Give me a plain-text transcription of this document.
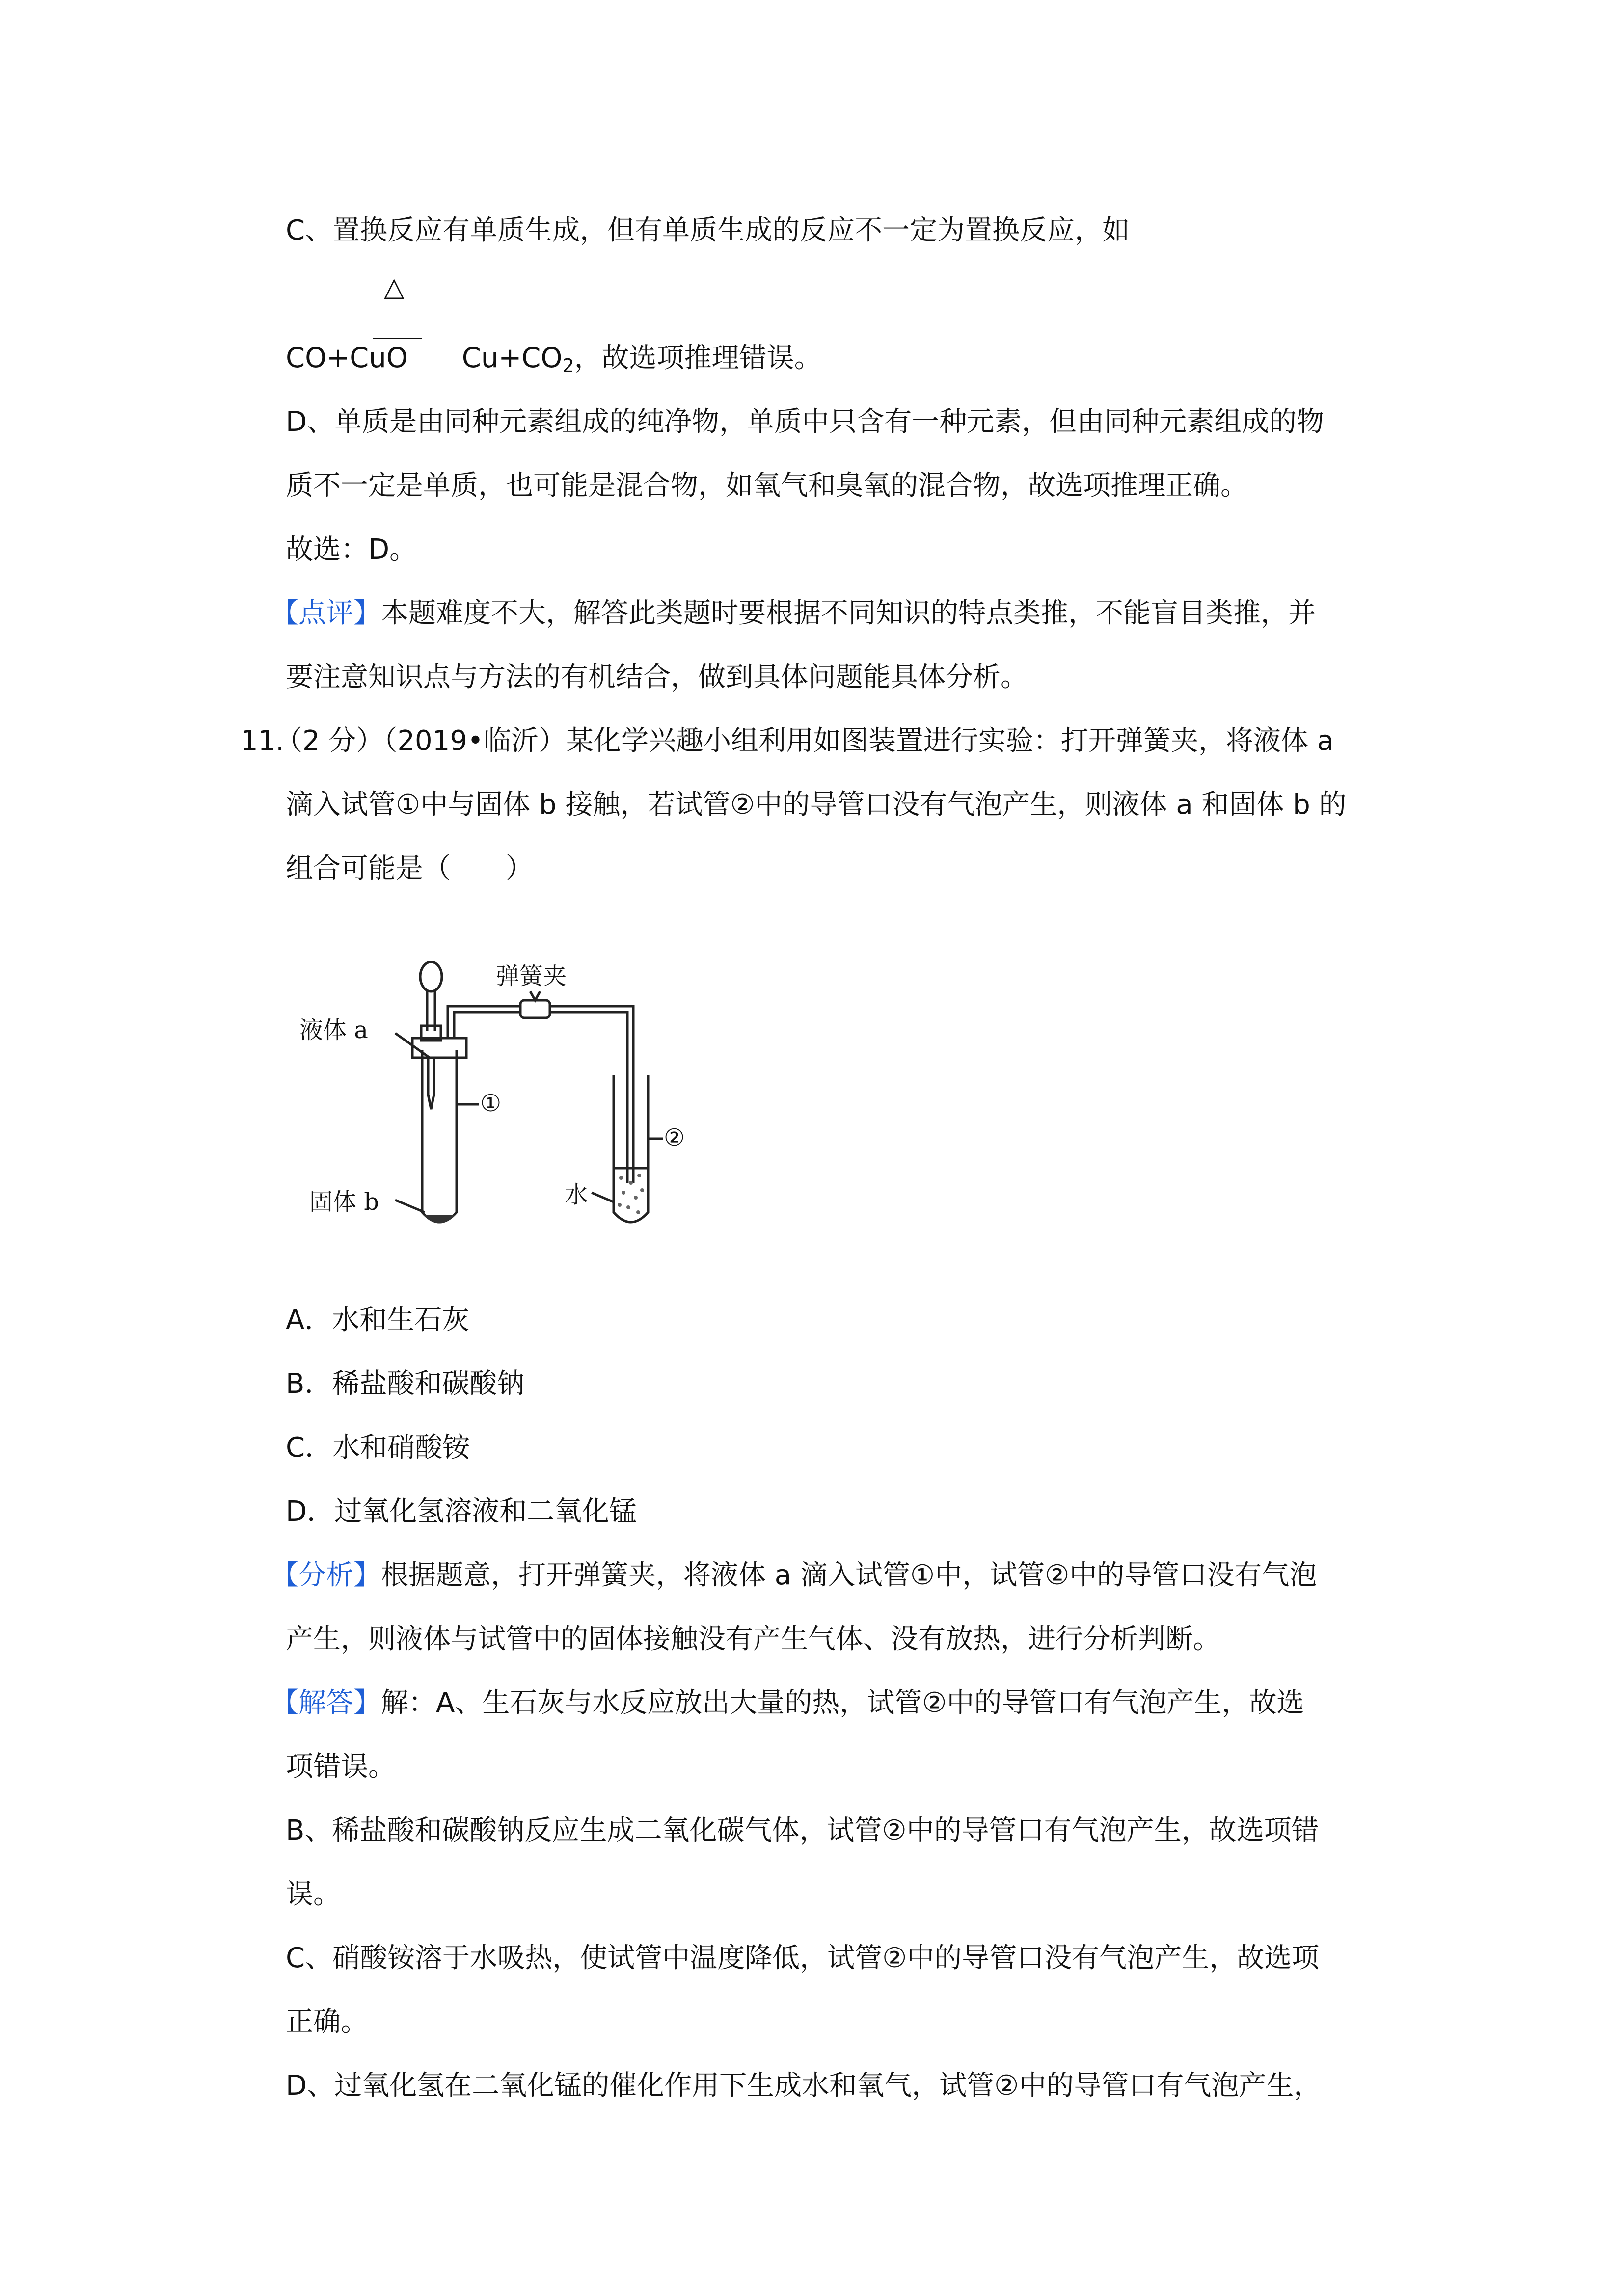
C、置换反应有单质生成，但有单质生成的反应不一定为置换反应，如
△
CO+CuO $Cu+CO_2$，故选项推理错误。
D、单质是由同种元素组成的纯净物，单质中只含有一种元素，但由同种元素组成的物
质不一定是单质，也可能是混合物，如氧气和臭氧的混合物，故选项推理正确。
故选：D。
【点评】本题难度不大，解答此类题时要根据不同知识的特点类推，不能盲目类推，并
要注意知识点与方法的有机结合，做到具体问题能具体分析。
11.
（2 分）（2019•临沂）某化学兴趣小组利用如图装置进行实验：打开弹簧夹，将液体 a
滴入试管①中与固体 b 接触，若试管②中的导管口没有气泡产生，则液体 a 和固体 b 的
组合可能是（　　）
弹簧夹
液体 a
①
固体 b
②
水
A．水和生石灰
B．稀盐酸和碳酸钠
C．水和硝酸铵
D．过氧化氢溶液和二氧化锰
【分析】根据题意，打开弹簧夹，将液体 a 滴入试管①中，试管②中的导管口没有气泡
产生，则液体与试管中的固体接触没有产生气体、没有放热，进行分析判断。
【解答】解：A、生石灰与水反应放出大量的热，试管②中的导管口有气泡产生，故选
项错误。
B、稀盐酸和碳酸钠反应生成二氧化碳气体，试管②中的导管口有气泡产生，故选项错
误。
C、硝酸铵溶于水吸热，使试管中温度降低，试管②中的导管口没有气泡产生，故选项
正确。
D、过氧化氢在二氧化锰的催化作用下生成水和氧气，试管②中的导管口有气泡产生，
